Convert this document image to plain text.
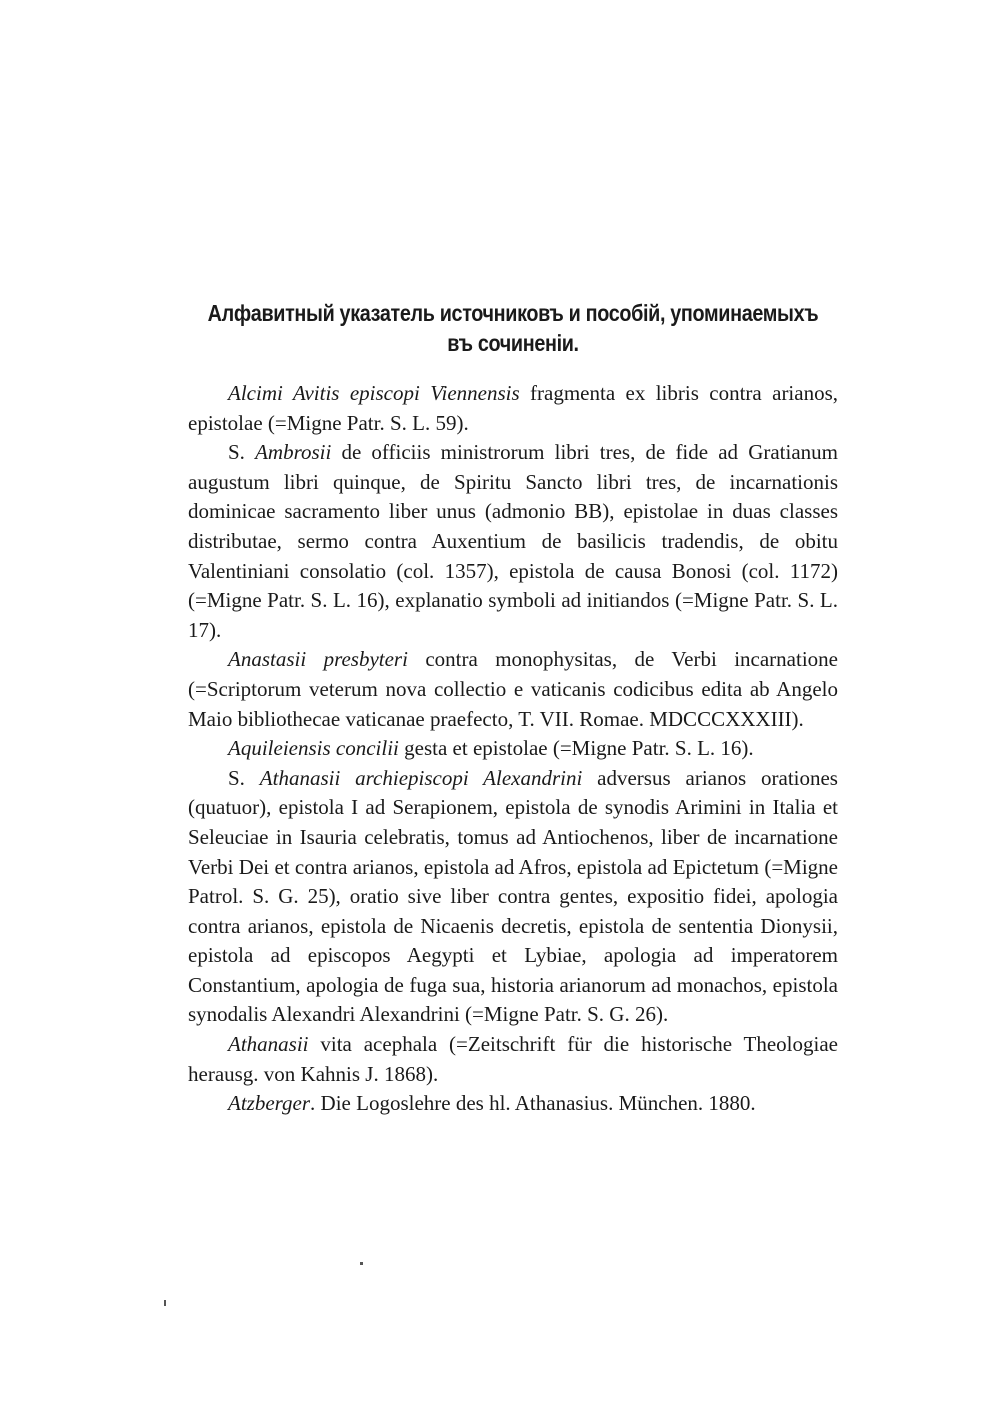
Алфавитный указатель источниковъ и пособій, упоминаемыхъ
въ сочиненіи.

Alcimi Avitis episcopi Viennensis fragmenta ex libris contra arianos, epistolae (=Migne Patr. S. L. 59).

S. Ambrosii de officiis ministrorum libri tres, de fide ad Gratianum augustum libri quinque, de Spiritu Sancto libri tres, de incarnationis dominicae sacramento liber unus (admonio BB), epistolae in duas classes distributae, sermo contra Auxentium de basilicis tradendis, de obitu Valentiniani consolatio (col. 1357), epistola de causa Bonosi (col. 1172) (=Migne Patr. S. L. 16), explanatio symboli ad initiandos (=Migne Patr. S. L. 17).

Anastasii presbyteri contra monophysitas, de Verbi incarnatione (=Scriptorum veterum nova collectio e vaticanis codicibus edita ab Angelo Maio bibliothecae vaticanae praefecto, T. VII. Romae. MDCCCXXXIII).

Aquileiensis concilii gesta et epistolae (=Migne Patr. S. L. 16).

S. Athanasii archiepiscopi Alexandrini adversus arianos orationes (quatuor), epistola I ad Serapionem, epistola de synodis Arimini in Italia et Seleuciae in Isauria celebratis, tomus ad Antiochenos, liber de incarnatione Verbi Dei et contra arianos, epistola ad Afros, epistola ad Epictetum (=Migne Patrol. S. G. 25), oratio sive liber contra gentes, expositio fidei, apologia contra arianos, epistola de Nicaenis decretis, epistola de sententia Dionysii, epistola ad episcopos Aegypti et Lybiae, apologia ad imperatorem Constantium, apologia de fuga sua, historia arianorum ad monachos, epistola synodalis Alexandri Alexandrini (=Migne Patr. S. G. 26).

Athanasii vita acephala (=Zeitschrift für die historische Theologiae herausg. von Kahnis J. 1868).

Atzberger. Die Logoslehre des hl. Athanasius. München. 1880.
